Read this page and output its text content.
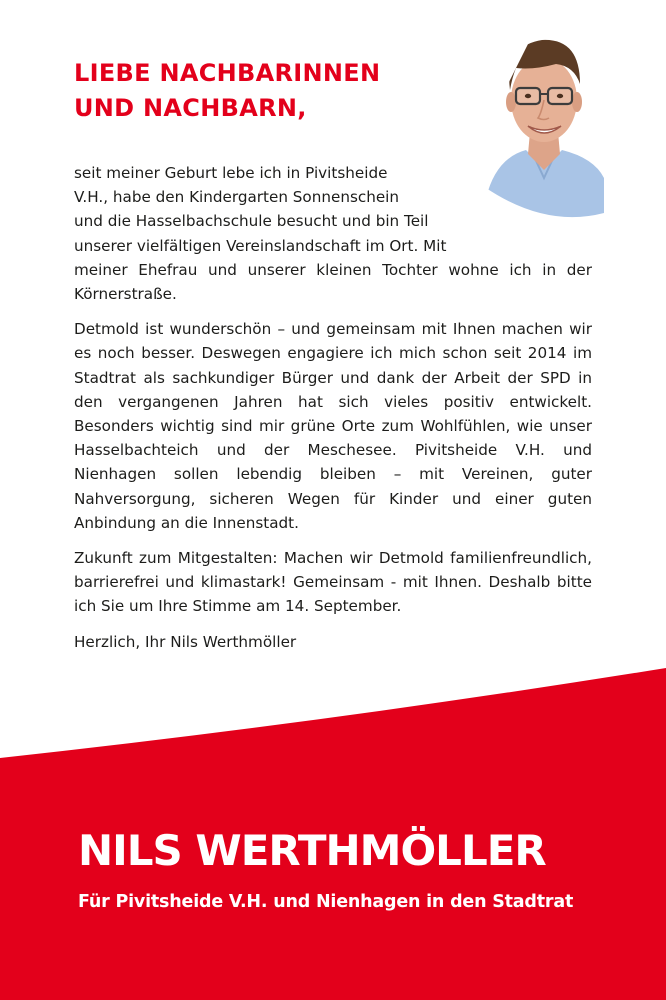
LIEBE NACHBARINNEN
UND NACHBARN,
seit meiner Geburt lebe ich in Pivitsheide
V.H., habe den Kindergarten Sonnenschein
und die Hasselbachschule besucht und bin Teil
unserer vielfältigen Vereinslandschaft im Ort. Mit
meiner Ehefrau und unserer kleinen Tochter wohne ich in der Körnerstraße.

Detmold ist wunderschön – und gemeinsam mit Ihnen machen wir es noch besser. Deswegen engagiere ich mich schon seit 2014 im Stadtrat als sachkundiger Bürger und dank der Arbeit der SPD in den vergangenen Jahren hat sich vieles positiv entwickelt. Besonders wichtig sind mir grüne Orte zum Wohlfühlen, wie unser Hasselbachteich und der Meschesee. Pivitsheide V.H. und Nienhagen sollen lebendig bleiben – mit Vereinen, guter Nahversorgung, sicheren Wegen für Kinder und einer guten Anbindung an die Innenstadt.

Zukunft zum Mitgestalten: Machen wir Detmold familienfreundlich, barrierefrei und klimastark! Gemeinsam - mit Ihnen. Deshalb bitte ich Sie um Ihre Stimme am 14. September.

Herzlich, Ihr Nils Werthmöller

NILS WERTHMÖLLER

Für Pivitsheide V.H. und Nienhagen in den Stadtrat
